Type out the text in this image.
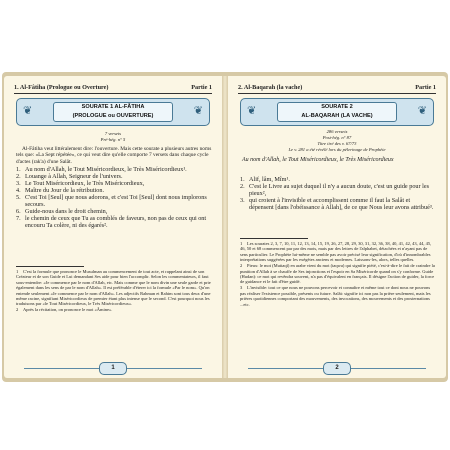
1. Al-Fâtiha (Prologue ou Overture)	Partie 1
❦	❦
SOURATE 1 AL-FÂTIHA
(PROLOGUE ou OUVERTURE)
7 versets
Pré-hég. n° 5

Al-Fâtiha veut littéralement dire: l'ouverture. Mais cette sourate a plusieurs autres noms tels que: «La Sept répétée», ce qui veut dire qu'elle comporte 7 versets dans chaque cycle d'actes (rak'a) d'une Salât.

1. Au nom d'Allah, le Tout Miséricordieux, le Très Miséricordieux¹.
2. Louange à Allah, Seigneur de l'univers.
3. Le Tout Miséricordieux, le Très Miséricordieux,
4. Maître du Jour de la rétribution.
5. C'est Toi [Seul] que nous adorons, et c'est Toi [Seul] dont nous implorons secours.
6. Guide-nous dans le droit chemin,
7. le chemin de ceux que Tu as comblés de faveurs, non pas de ceux qui ont encouru Ta colère, ni des égarés².

1 C'est la formule que prononce le Musulman au commencement de tout acte, et rappelant ainsi de son Créateur et de son Guide et Lui demandant Ses aide pour bien l'accomplir. Selon les commentateurs, il faut sous-entendre: «Je commence par le nom d'Allah, etc. Mais comme que le nom divin une seule garde et prie également dans les sens de par le nom d'Allah». Il est préférable d'éterer ici la formule «Par le nom». Qu'on entende seulement «Je commence par le nom d'Allah». Les adjectifs Rahman et Rahim sont tous deux d'une même racine, signifiant Miséricordieux de premier étant plus intense que le second. C'est pourquoi nous les traduisons par «le Tout Miséricordieux, le Très Miséricordieux».

2 Après la récitation, on prononce le mot «Âmine».

1
2. Al-Baqarah (la vache)	Partie 1
❦	❦
SOURATE 2
AL-BAQARAH (LA VACHE)
286 versets
Post-hég. n° 87
Titre tiré des v. 67/73
Le v. 281 a été révélé lors du pèlerinage de Prophète
Au nom d'Allah, le Tout Miséricordieux, le Très Miséricordieux
1. Alif, lâm, Mîm¹.
2. C'est le Livre au sujet duquel il n'y a aucun doute, c'est un guide pour les pieux²,
3. qui croient à l'invisible et accomplissent comme il faut la Salât et dépensent [dans l'obéissance à Allah], de ce que Nous leur avons attribué³.

1 Les sourates 2, 3, 7, 10, 11, 12, 13, 14, 15, 19, 26, 27, 28, 29, 30, 31, 32, 36, 38, 40, 41, 42, 43, 44, 45, 46, 50 et 68 commencent par par des mots, mais par des lettres de l'alphabet, détachées et n'ayant pas de sens particulier. Le Prophète lui-même ne semble pas avoir précisé leur signification, d'où d'innombrables interprétations suggérées par les exégètes anciens et modernes. Laissons-les, alors, telles quelles.

2 Pieux: le mot (Muttaqî) en arabe vient du mot (taqwa) qui signifie piété, c'est-à-dire le fait de craindre la punition d'Allah à se chauffe de Ses injonctions et l'espoir en Sa Miséricorde quand on s'y conforme. Guide (Hudan): ce mot qui revêndra souvent, n'a pas d'équivalent en français. Il désigne l'action de guider, la force de guidance et le fait d'être guidé.

3 L'invisible: tout ce que nous ne pouvons percevoir et connaître et même tout ce dont nous ne pouvons pas réaliser l'existence possible, présents ou future. Salât: signifie ici non pas la prière seulement, mais les prières quotidiennes comportant des mouvements, des invocations, des mouvements et des prosternations ...etc.

2
